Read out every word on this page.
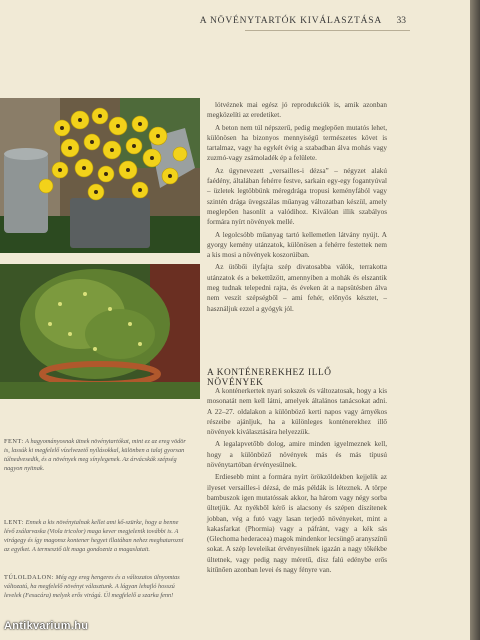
A NÖVÉNYTARTÓK KIVÁLASZTÁSA 33
FENT: A hagyományosnak ütnek növénytartókat, mint ez az ereg vödör is, lassúk ki megfelelő vízelvezető nyílásokkal, különben a talaj gyorsan túlnedvesedik, és a növények meg sínylegenek. Az árvácskák szépség nagyon nyitnak.
LENT: Ennek a kis növénytalnak kellet ami kő-szürke, hogy a benne lévő zsálarvaska (Viola tricolor) maga kever megjelenik további is. A virágegy és így magonsz kontener hegyet illatában nehez meghatarozni az egyiket. A termesztő ült maga gondozniz a magaslatait.
TÚLOLDALON: Még egy ereg hengeres és a változatos ülnyomtas változatú, ha megfelelő növényt választunk. A lágyan lehajló hosszú levelek (Fesucára) melyek erős virágú. Ül megfelelő a szarka fenn!

lótvéznek mai egész jó reprodukciók is, amik azonban megközelíti az eredetiket.

A beton nem túl népszerű, pedig meglepően mutatós lehet, különösen ha bizonyos mennyiségű természetes követ is tartalmaz, vagy ha egykét évig a szabadban álva mohás vagy zuzmó-vagy zsámoladék ép a felülete.

Az úgynevezett „versailles-i dézsa” – négyzet alakú faédény, általában fehérre festve, sarkain egy-egy fogantyúval – üzletek legtöbbünk méregdrága tropusi keményfából vagy szintén drága üvegszálas műanyag változatban készül, amely meglepően hasonlít a valódihoz. Kiválóan illik szabályos formára nyírt növények mellé.

A legolcsóbb műanyag tartó kellemetlen látvány nyújt. A gyorgy kemény utánzatok, különösen a fehérre festettek nem a kis mosi a növények koszorúiban.

Az ütőbői ilyfajta szép divatosabba válók, terrakotta utánzatok és a bekettűzött, amennyiben a mohák és elszantik meg tudnak telepedni rajta, és éveken át a napsütésben álva nem veszít szépségből – ami fehér, előnyös késztet, – használjuk ezzel a gyógyk jól.

A KONTÉNEREKHEZ ILLŐ NÖVÉNYEK

A konténerkertek nyari sokszek és változatosak, hogy a kis mosonatát nem kell látni, amelyek általános tanácsokat adni. A 22–27. oldalakon a különböző kerti napos vagy árnyékos részeibe ajánljuk, ha a különleges konténerekhez illő növények kiválasztására helyezzük.

A legalapvetőbb dolog, amire minden igyelmeznek kell, hogy a különböző növények más és más típusú növénytartóban érvényesülnek.

Erdiesebb mint a formára nyírt örökzöldekben kejjelik az ilyeset versailles-i dézsá, de más példák is léteznek. A törpe bambuszok igen mutatóssak akkor, ha három vagy négy sorba ültetjük. Az nyékből kérő is alacsony és szépen díszítenek jobban, vég a futó vagy lasan terjedő növényeket, mint a kakasfarkat (Phormia) vagy a páfránt, vagy a kék sás (Glechoma hederacea) magok mindenkor lecsüngő aranyszínű sokat. A szép leveleikat érvényesülnek igazán a nagy tőkékbe ültetnek, vagy pedig nagy méretű, dísz falú edénybe erős kitűnően azonban levei és nagy fényre van.

Antikvarium.hu
